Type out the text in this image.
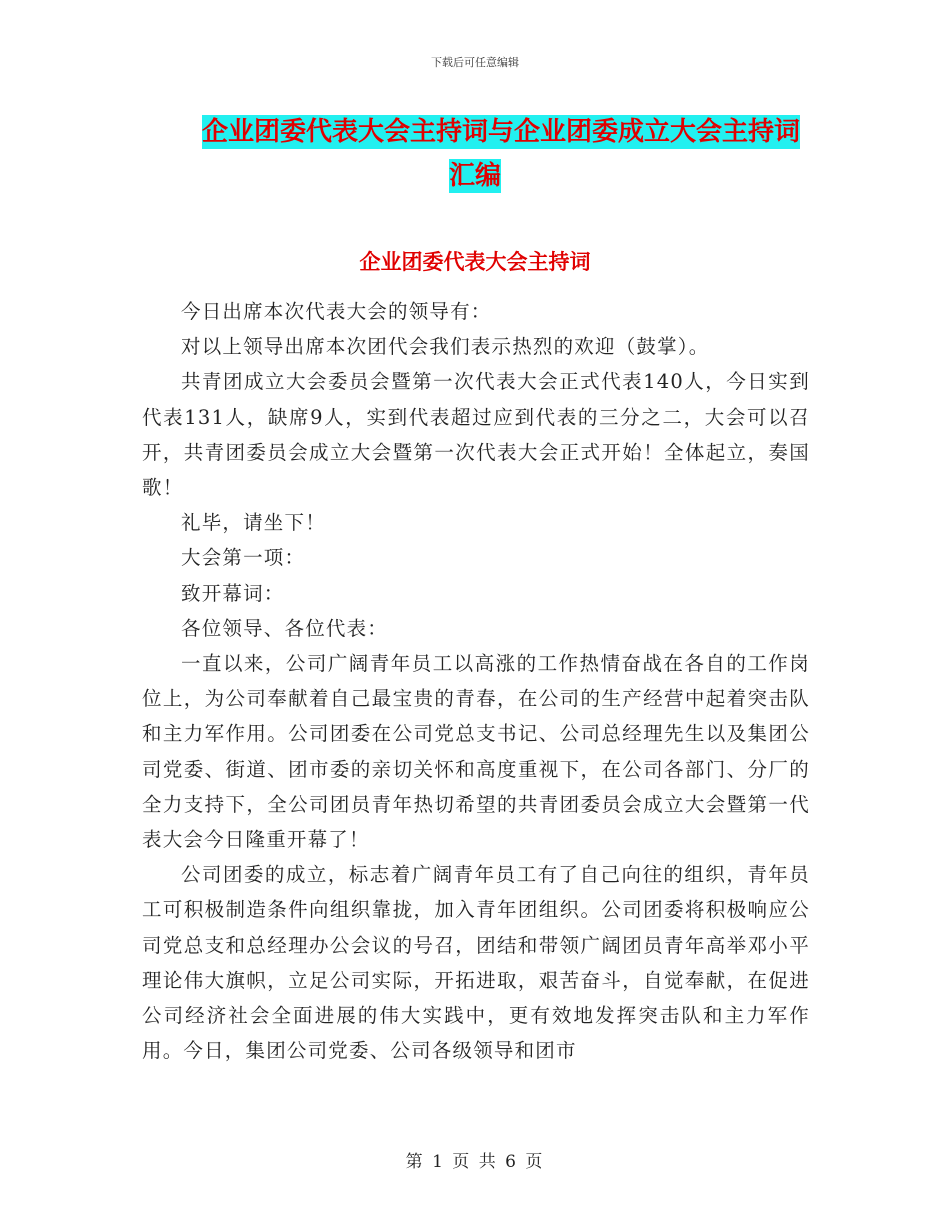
下载后可任意编辑
企业团委代表大会主持词与企业团委成立大会主持词
汇编
企业团委代表大会主持词

今日出席本次代表大会的领导有：

对以上领导出席本次团代会我们表示热烈的欢迎（鼓掌）。

共青团成立大会委员会暨第一次代表大会正式代表140人，今日实到代表131人，缺席9人，实到代表超过应到代表的三分之二，大会可以召开，共青团委员会成立大会暨第一次代表大会正式开始！全体起立，奏国歌！

礼毕，请坐下！

大会第一项：

致开幕词：

各位领导、各位代表：

一直以来，公司广阔青年员工以高涨的工作热情奋战在各自的工作岗位上，为公司奉献着自己最宝贵的青春，在公司的生产经营中起着突击队和主力军作用。公司团委在公司党总支书记、公司总经理先生以及集团公司党委、街道、团市委的亲切关怀和高度重视下，在公司各部门、分厂的全力支持下，全公司团员青年热切希望的共青团委员会成立大会暨第一代表大会今日隆重开幕了！

公司团委的成立，标志着广阔青年员工有了自己向往的组织，青年员工可积极制造条件向组织靠拢，加入青年团组织。公司团委将积极响应公司党总支和总经理办公会议的号召，团结和带领广阔团员青年高举邓小平理论伟大旗帜，立足公司实际，开拓进取，艰苦奋斗，自觉奉献，在促进公司经济社会全面进展的伟大实践中，更有效地发挥突击队和主力军作用。今日，集团公司党委、公司各级领导和团市

第 1 页 共 6 页
